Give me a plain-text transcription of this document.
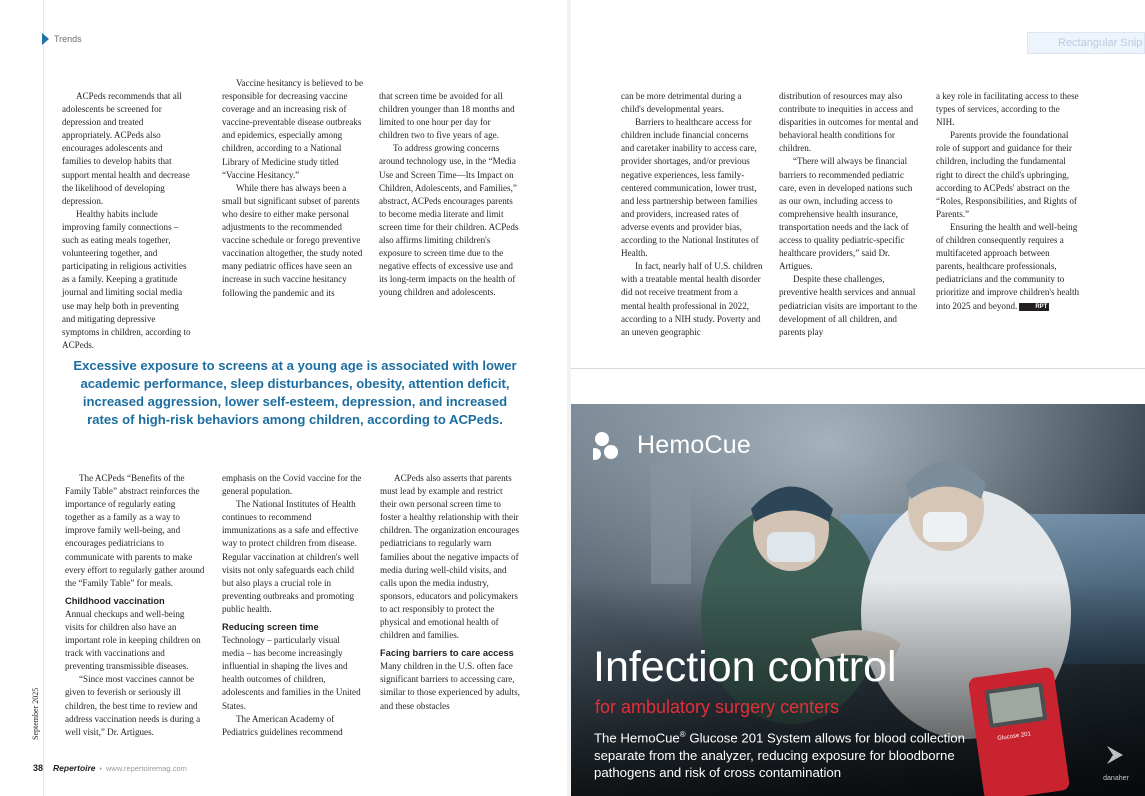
Trends	Rectangular Snip

ACPeds recommends that all adolescents be screened for depression and treated appropriately. ACPeds also encourages adolescents and families to develop habits that support mental health and decrease the likelihood of developing depression.

Healthy habits include improving family connections – such as eating meals together, volunteering together, and participating in religious activities as a family. Keeping a gratitude journal and limiting social media use may help both in preventing and mitigating depressive symptoms in children, according to ACPeds.

Vaccine hesitancy is believed to be responsible for decreasing vaccine coverage and an increasing risk of vaccine-preventable disease outbreaks and epidemics, especially among children, according to a National Library of Medicine study titled “Vaccine Hesitancy.”

While there has always been a small but significant subset of parents who desire to either make personal adjustments to the recommended vaccine schedule or forego preventive vaccination altogether, the study noted many pediatric offices have seen an increase in such vaccine hesitancy following the pandemic and its

that screen time be avoided for all children younger than 18 months and limited to one hour per day for children two to five years of age.

To address growing concerns around technology use, in the “Media Use and Screen Time—Its Impact on Children, Adolescents, and Families,” abstract, ACPeds encourages parents to become media literate and limit screen time for their children. ACPeds also affirms limiting children's exposure to screen time due to the negative effects of excessive use and its long-term impacts on the health of young children and adolescents.

Excessive exposure to screens at a young age is associated with lower academic performance, sleep disturbances, obesity, attention deficit, increased aggression, lower self-esteem, depression, and increased rates of high-risk behaviors among children, according to ACPeds.

The ACPeds “Benefits of the Family Table” abstract reinforces the importance of regularly eating together as a family as a way to improve family well-being, and encourages pediatricians to communicate with parents to make every effort to regularly gather around the “Family Table” for meals.

Childhood vaccination

Annual checkups and well-being visits for children also have an important role in keeping children on track with vaccinations and preventing transmissible diseases.

“Since most vaccines cannot be given to feverish or seriously ill children, the best time to review and address vaccination needs is during a well visit,” Dr. Artigues.

emphasis on the Covid vaccine for the general population.

The National Institutes of Health continues to recommend immunizations as a safe and effective way to protect children from disease. Regular vaccination at children's well visits not only safeguards each child but also plays a crucial role in preventing outbreaks and promoting public health.

Reducing screen time

Technology – particularly visual media – has become increasingly influential in shaping the lives and health outcomes of children, adolescents and families in the United States.

The American Academy of Pediatrics guidelines recommend

ACPeds also asserts that parents must lead by example and restrict their own personal screen time to foster a healthy relationship with their children. The organization encourages pediatricians to regularly warn families about the negative impacts of media during well-child visits, and calls upon the media industry, sponsors, educators and policymakers to act responsibly to protect the physical and emotional health of children and families.

Facing barriers to care access

Many children in the U.S. often face significant barriers to accessing care, similar to those experienced by adults, and these obstacles

can be more detrimental during a child's developmental years.

Barriers to healthcare access for children include financial concerns and caretaker inability to access care, provider shortages, and/or previous negative experiences, less family-centered communication, lower trust, and less partnership between families and providers, increased rates of adverse events and provider bias, according to the National Institutes of Health.

In fact, nearly half of U.S. children with a treatable mental health disorder did not receive treatment from a mental health professional in 2022, according to a NIH study. Poverty and an uneven geographic

distribution of resources may also contribute to inequities in access and disparities in outcomes for mental and behavioral health conditions for children.

“There will always be financial barriers to recommended pediatric care, even in developed nations such as our own, including access to comprehensive health insurance, transportation needs and the lack of access to quality pediatric-specific healthcare providers,” said Dr. Artigues.

Despite these challenges, preventive health services and annual pediatrician visits are important to the development of all children, and parents play

a key role in facilitating access to these types of services, according to the NIH.

Parents provide the foundational role of support and guidance for their children, including the fundamental right to direct the child's upbringing, according to ACPeds' abstract on the “Roles, Responsibilities, and Rights of Parents.”

Ensuring the health and well-being of children consequently requires a multifaceted approach between parents, healthcare professionals, pediatricians and the community to prioritize and improve children's health into 2025 and beyond.	RPT

September 2025
38 Repertoire • www.repertoiremag.com
Glucose 201
HemoCue
Infection control
for ambulatory surgery centers
The HemoCue® Glucose 201 System allows for blood collection separate from the analyzer, reducing exposure for bloodborne pathogens and risk of cross contamination	danaher
